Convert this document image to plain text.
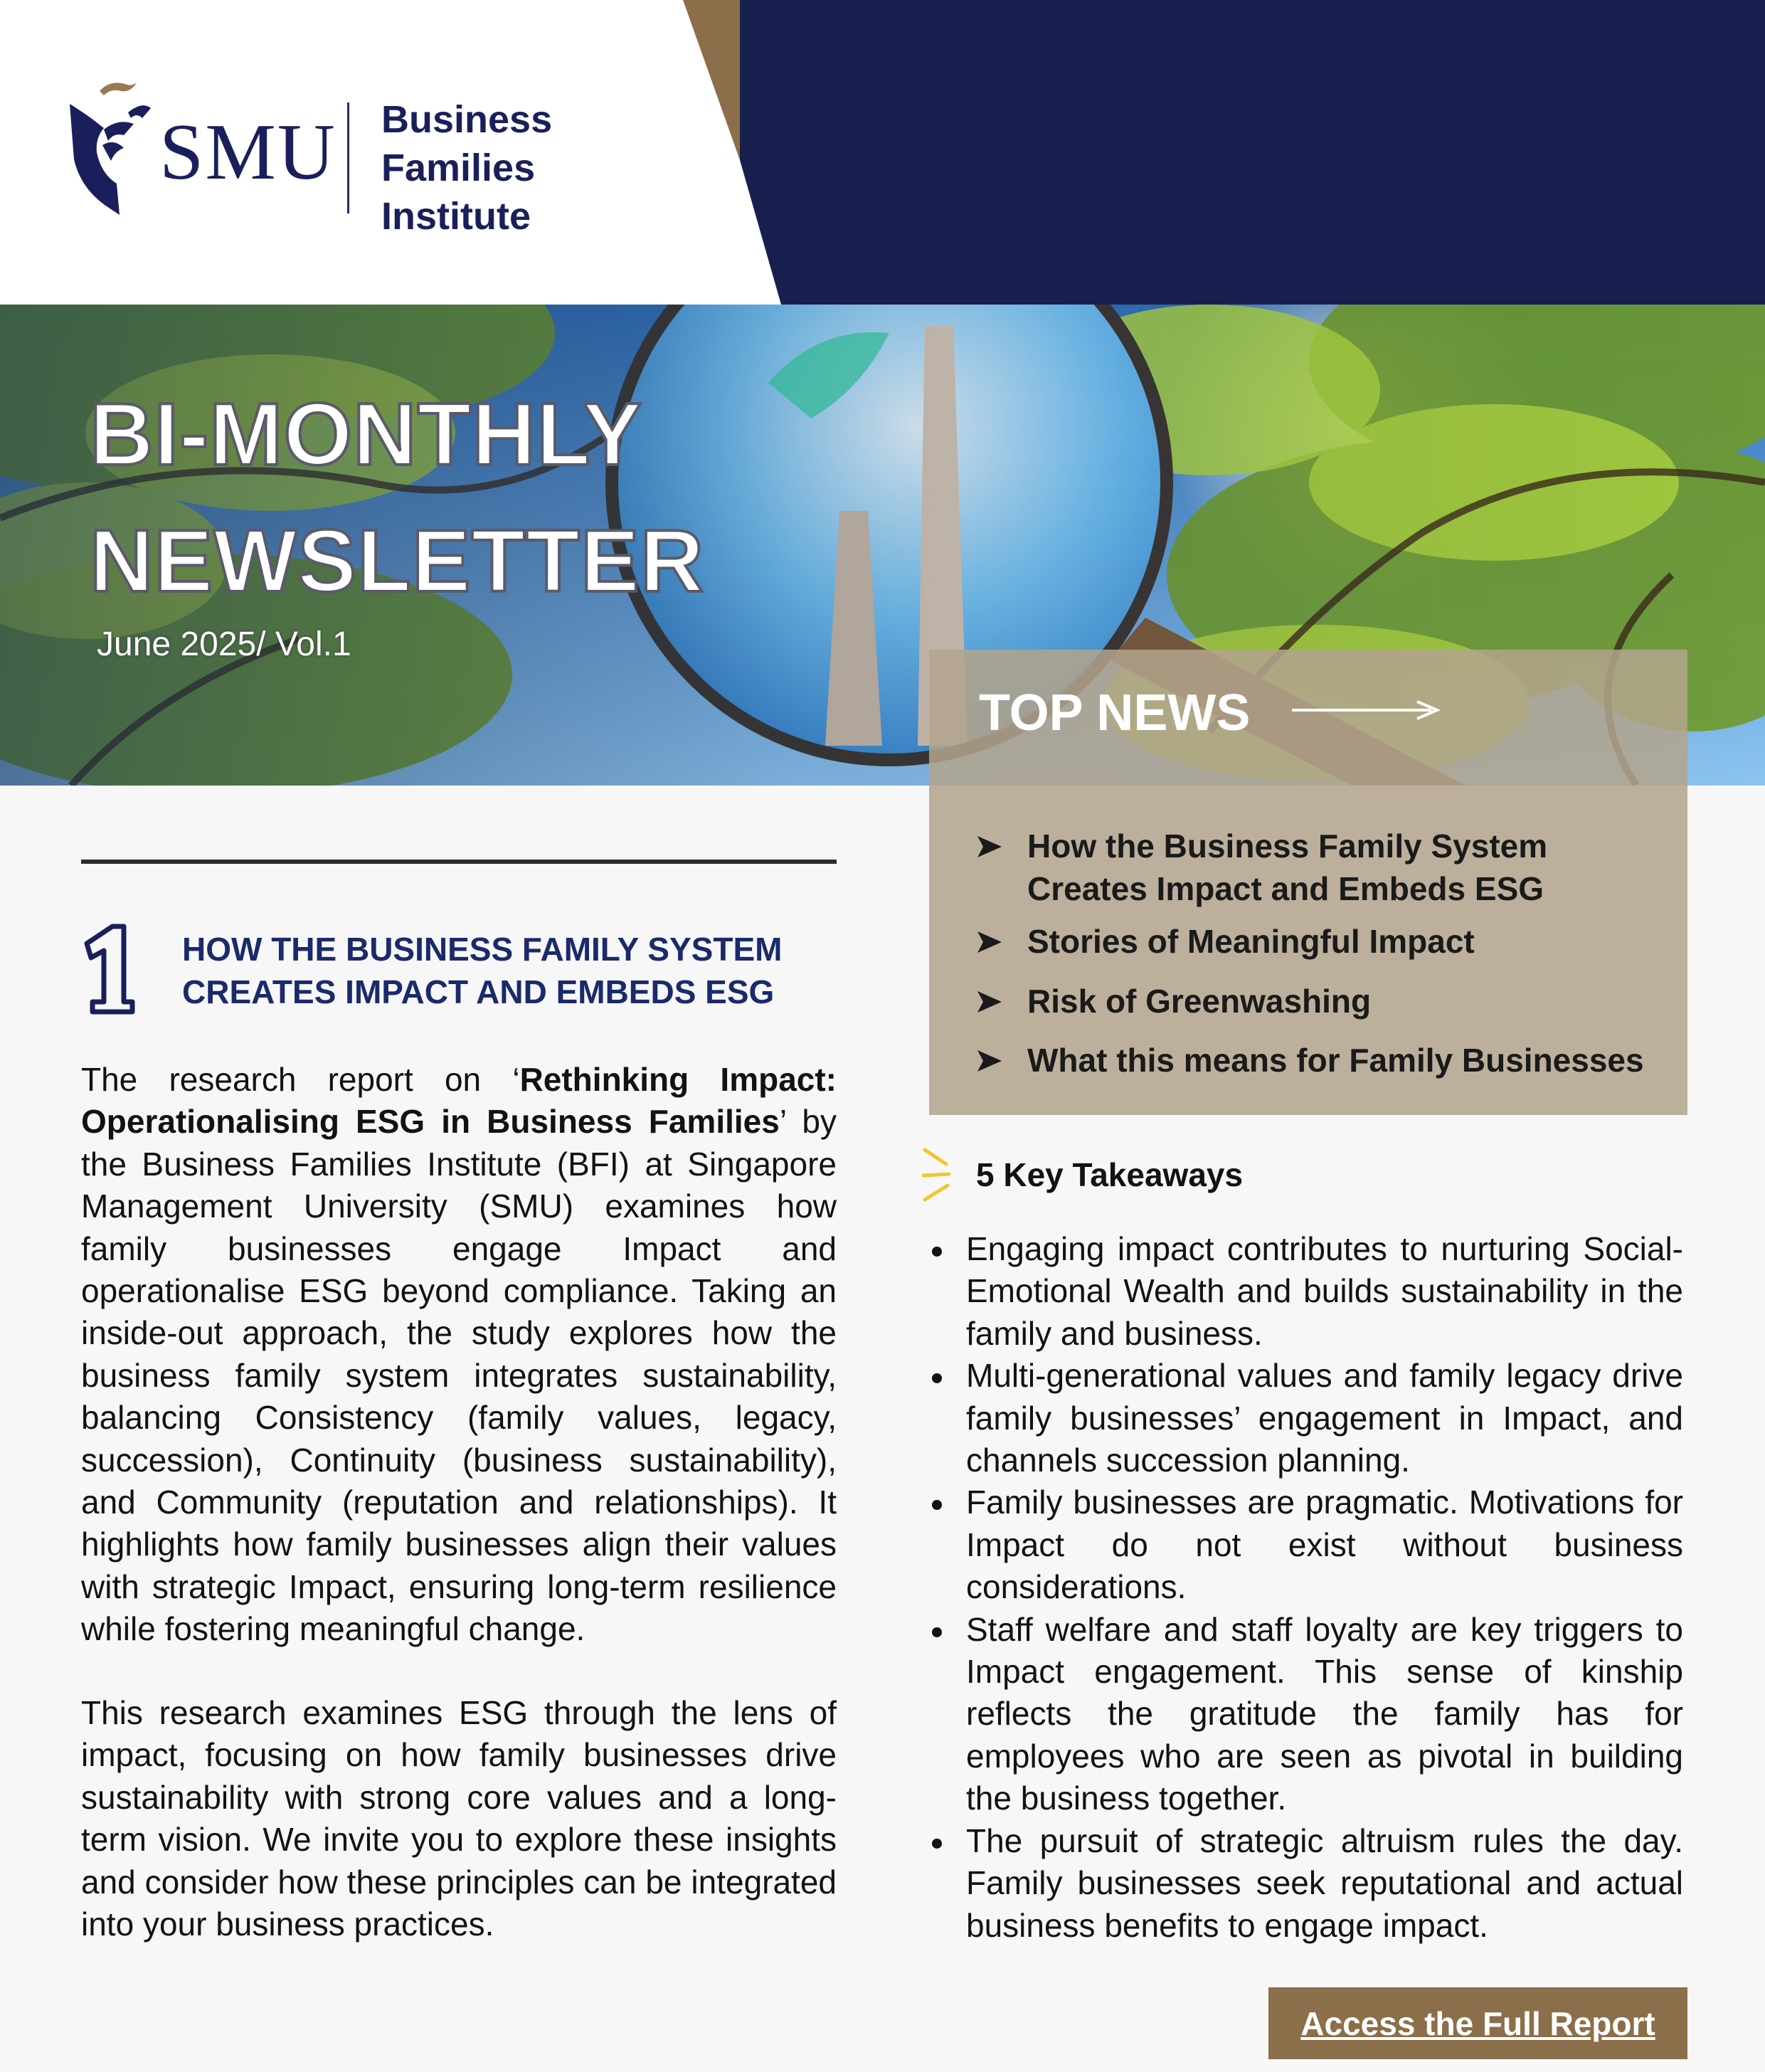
SMU Business Families
Institute
BI-MONTHLY
NEWSLETTER
June 2025/ Vol.1
TOP NEWS
How the Business Family System Creates Impact and Embeds ESG
Stories of Meaningful Impact
Risk of Greenwashing
What this means for Family Businesses
1
HOW THE BUSINESS FAMILY SYSTEM CREATES IMPACT AND EMBEDS ESG
The research report on ‘Rethinking Impact: Operationalising ESG in Business Families’ by the Business Families Institute (BFI) at Singapore Management University (SMU) examines how family businesses engage Impact and operationalise ESG beyond compliance. Taking an inside-out approach, the study explores how the business family system integrates sustainability, balancing Consistency (family values, legacy, succession), Continuity (business sustainability), and Community (reputation and relationships). It highlights how family businesses align their values with strategic Impact, ensuring long-term resilience while fostering meaningful change.
This research examines ESG through the lens of impact, focusing on how family businesses drive sustainability with strong core values and a long-term vision. We invite you to explore these insights and consider how these principles can be integrated into your business practices.
5 Key Takeaways
Engaging impact contributes to nurturing Social-Emotional Wealth and builds sustainability in the family and business.
Multi-generational values and family legacy drive family businesses’ engagement in Impact, and channels succession planning.
Family businesses are pragmatic. Motivations for Impact do not exist without business considerations.
Staff welfare and staff loyalty are key triggers to Impact engagement. This sense of kinship reflects the gratitude the family has for employees who are seen as pivotal in building the business together.
The pursuit of strategic altruism rules the day. Family businesses seek reputational and actual business benefits to engage impact.
Access the Full Report
